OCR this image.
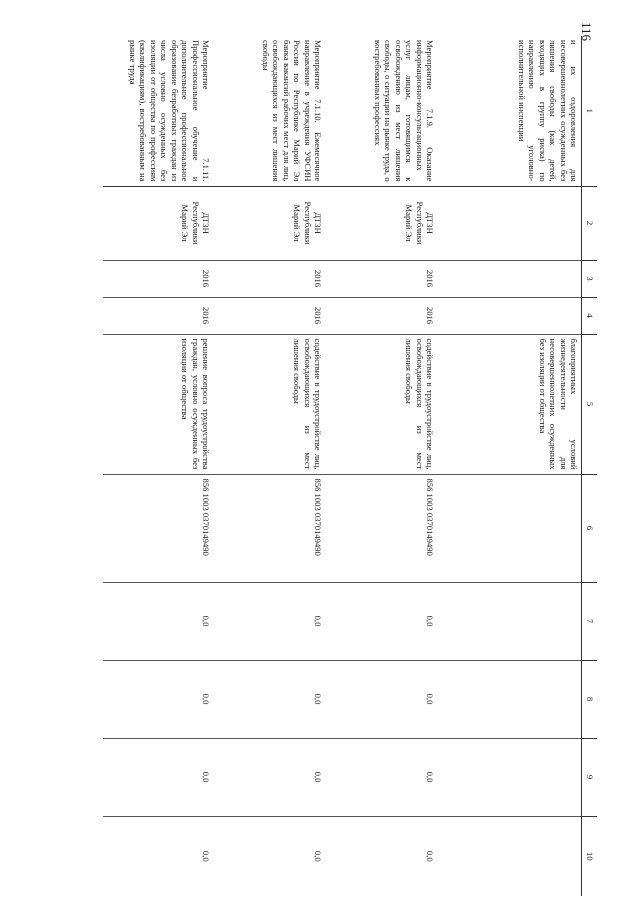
116
1	2	3	4	5	6	7	8	9	10
и их оздоровления для несовершеннолетних осужденных без лишения свободы (как детей, входящих в группу риска) по направлению уголовно-исполнительной инспекции				благоприятных условий жизнедеятельности для несовершеннолетних осужденных без изоляции от общества					
Мероприятие 7.1.9. Оказание информационно-консультационных услуг лицам, готовящимся к освобождению из мест лишения свободы, о ситуации на рынке труда, о востребованных профессиях	ДТЗН Республики Марий Эл	2016	2016	содействие в трудоустройстве лиц, освобождающихся из мест лишения свободы	856 1003 0370149490	0,0	0,0	0,0	0,0
Мероприятие 7.1.10. Ежемесячное направление в учреждения УФСИН России по Республике Марий Эл банка вакансий рабочих мест для лиц, освобождающихся из мест лишения свободы	ДТЗН Республики Марий Эл	2016	2016	содействие в трудоустройстве лиц, освобождающихся из мест лишения свободы	856 1003 0370149490	0,0	0,0	0,0	0,0
Мероприятие 7.1.11. Профессиональное обучение и дополнительное профессиональное образование безработных граждан из числа условно осужденных без изоляции от общества по профессиям (квалификациям), востребованным на рынке труда	ДТЗН Республики Марий Эл	2016	2016	решение вопроса трудоустройства граждан, условно осужденных без изоляции от общества	856 1003 0370149490	0,0	0,0	0,0	0,0
